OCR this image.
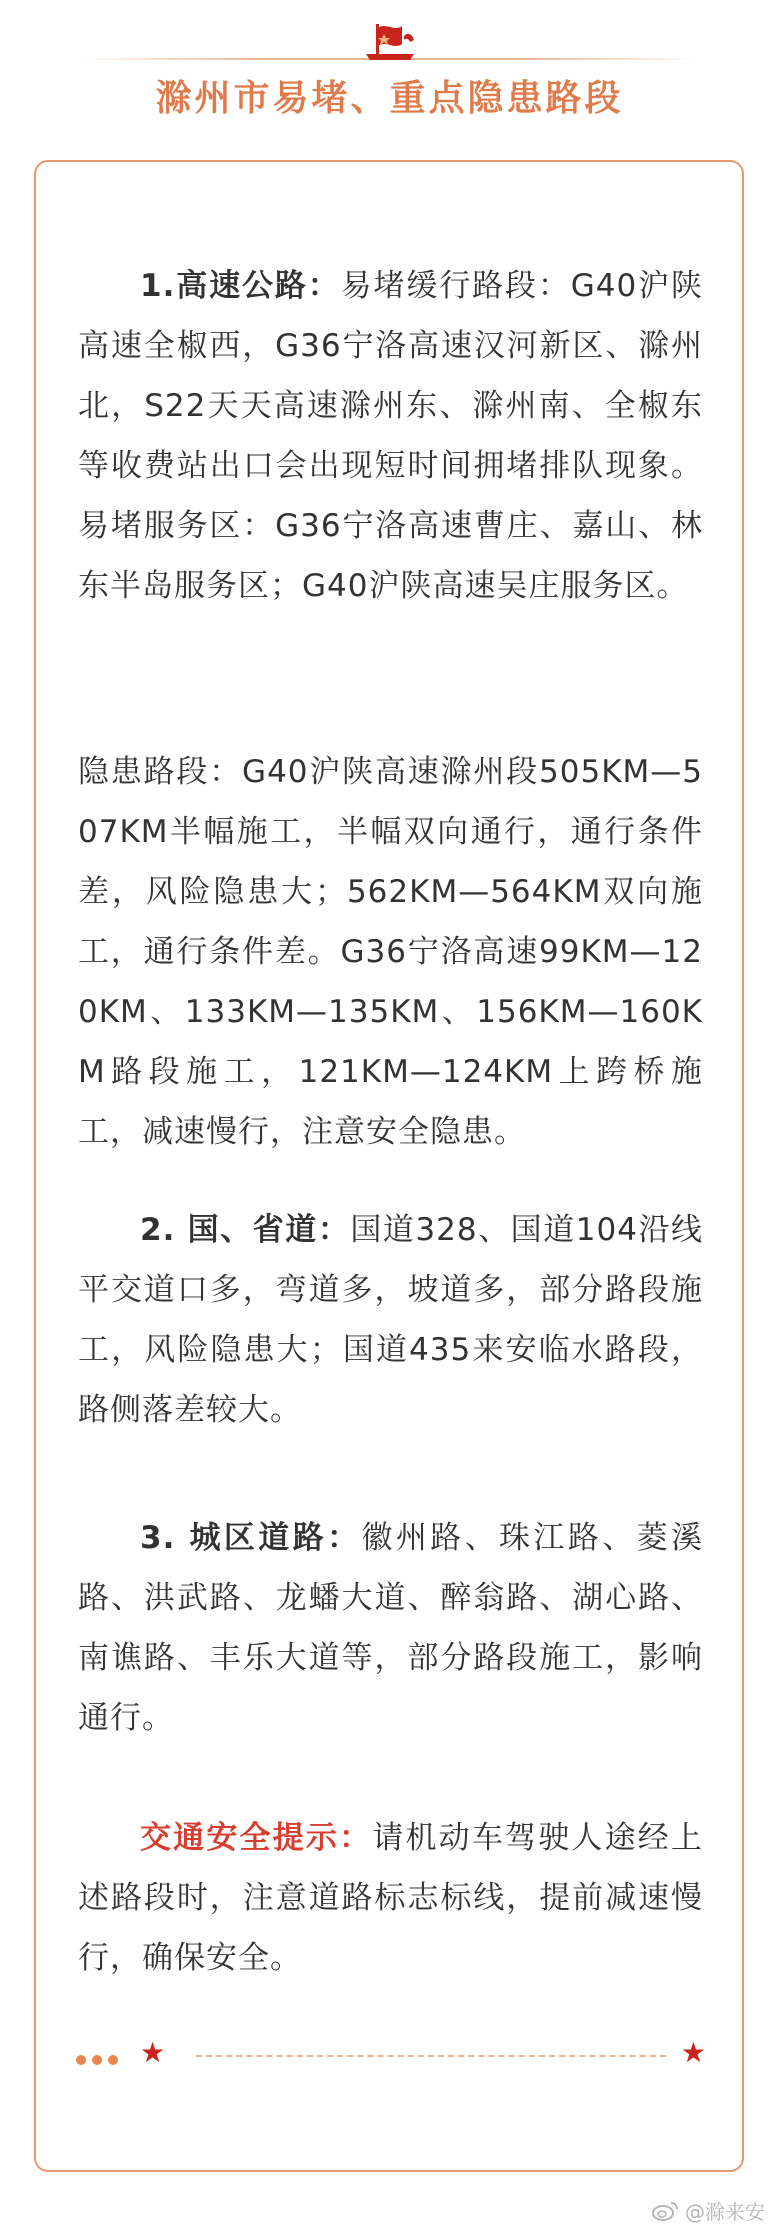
滁州市易堵、重点隐患路段

1.高速公路：易堵缓行路段：G40沪陕高速全椒西，G36宁洛高速汉河新区、滁州北，S22天天高速滁州东、滁州南、全椒东等收费站出口会出现短时间拥堵排队现象。易堵服务区：G36宁洛高速曹庄、嘉山、林东半岛服务区；G40沪陕高速吴庄服务区。

隐患路段：G40沪陕高速滁州段505KM—507KM半幅施工，半幅双向通行，通行条件差，风险隐患大；562KM—564KM双向施工，通行条件差。G36宁洛高速99KM—120KM、133KM—135KM、156KM—160KM路段施工，121KM—124KM上跨桥施工，减速慢行，注意安全隐患。

2. 国、省道：国道328、国道104沿线平交道口多，弯道多，坡道多，部分路段施工，风险隐患大；国道435来安临水路段，路侧落差较大。

3. 城区道路：徽州路、珠江路、菱溪路、洪武路、龙蟠大道、醉翁路、湖心路、南谯路、丰乐大道等，部分路段施工，影响通行。

交通安全提示：请机动车驾驶人途经上述路段时，注意道路标志标线，提前减速慢行，确保安全。

★	★
@滁来安
